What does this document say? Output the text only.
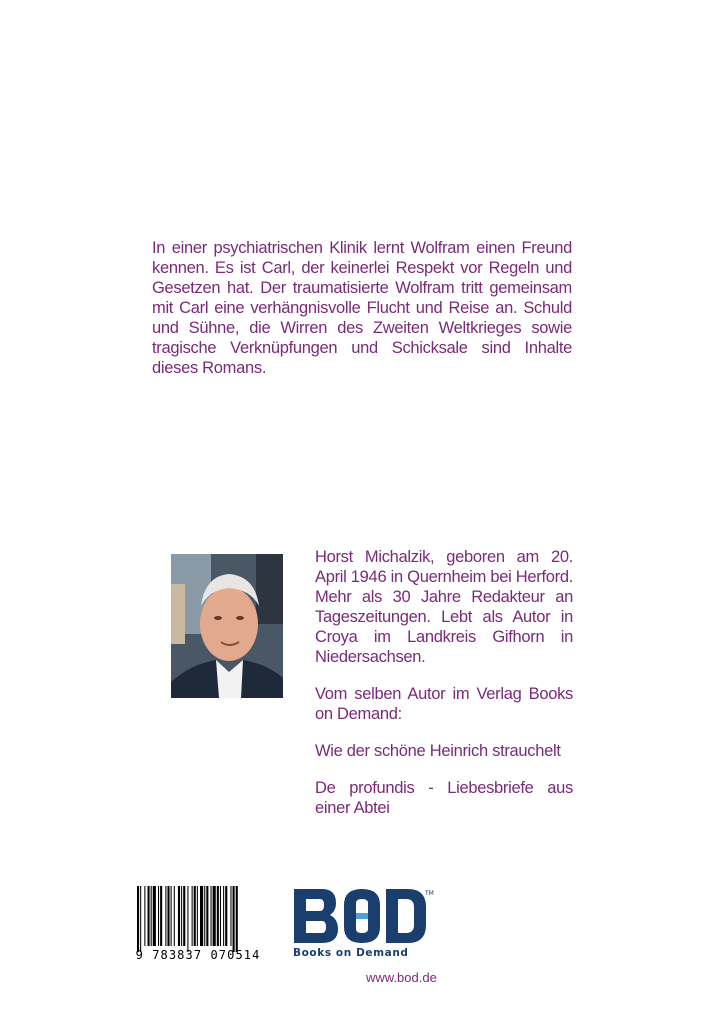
In einer psychiatrischen Klinik lernt Wolfram einen Freund kennen. Es ist Carl, der keinerlei Respekt vor Regeln und Gesetzen hat. Der traumatisierte Wolfram tritt gemeinsam mit Carl eine verhängnisvolle Flucht und Reise an. Schuld und Sühne, die Wirren des Zweiten Weltkrieges sowie tragische Verknüpfungen und Schicksale sind Inhalte dieses Romans.

Horst Michalzik, geboren am 20. April 1946 in Quernheim bei Herford. Mehr als 30 Jahre Redakteur an Tageszeitungen. Lebt als Autor in Croya im Landkreis Gifhorn in Niedersachsen.

Vom selben Autor im Verlag Books on Demand:

Wie der schöne Heinrich strauchelt

De profundis - Liebesbriefe aus einer Abtei

9 783837 070514
TM
Books on Demand
www.bod.de
